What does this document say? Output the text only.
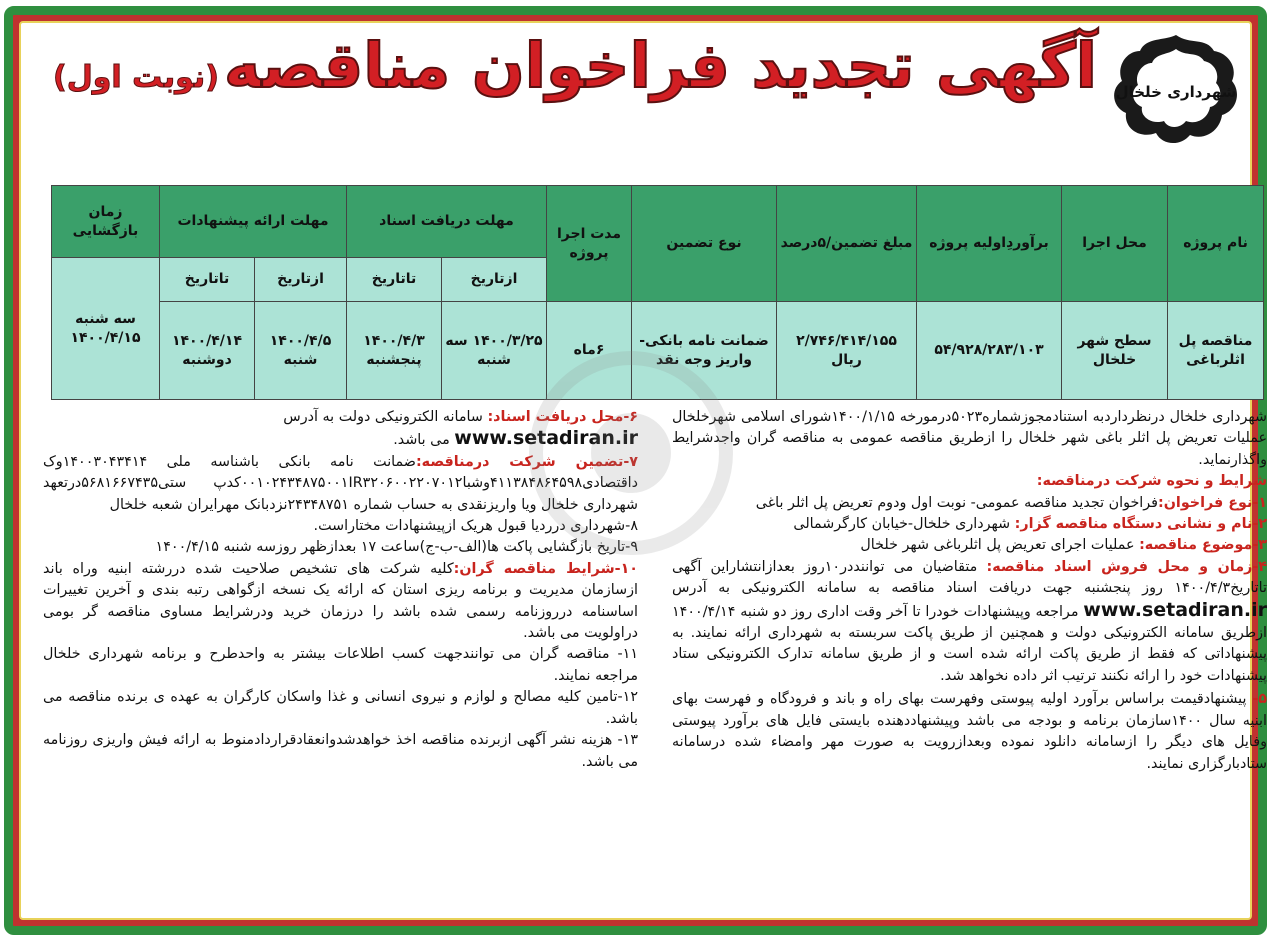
شهرداری خلخال
آگهی تجدید فراخوان مناقصه (نوبت اول)
نام پروژه	محل اجرا	برآوردِاولیه پروژه	مبلغ تضمین/۵درصد	نوع تضمین	مدت اجرا پروژه	مهلت دریافت اسناد		مهلت ارائه پیشنهادات		زمان بازگشایی
						ازتاریخ	تاتاریخ	ازتاریخ	تاتاریخ	سه شنبه ۱۴۰۰/۴/۱۵
مناقصه پل اثلرباغی	سطح شهر خلخال	۵۴/۹۲۸/۲۸۳/۱۰۳	۲/۷۴۶/۴۱۴/۱۵۵ ریال	ضمانت نامه بانکی-واریز وجه نقد	۶ماه	۱۴۰۰/۳/۲۵ سه شنبه	۱۴۰۰/۴/۳ پنجشنبه	۱۴۰۰/۴/۵ شنبه	۱۴۰۰/۴/۱۴ دوشنبه	

شهرداری خلخال درنظرداردبه استنادمجوزشماره۵۰۲۳درمورخه ۱۴۰۰/۱/۱۵شورای اسلامی شهرخلخال عملیات تعریض پل اثلر باغی شهر خلخال را ازطریق مناقصه عمومی به مناقصه گران واجدشرایط واگذارنماید.

شرایط و نحوه شرکت درمناقصه:

۱-نوع فراخوان:فراخوان تجدید مناقصه عمومی- نوبت اول ودوم تعریض پل اثلر باغی

۲-نام و نشانی دستگاه مناقصه گزار: شهرداری خلخال-خیابان کارگرشمالی

۳-موضوع مناقصه: عملیات اجرای تعریض پل اثلرباغی شهر خلخال

۴-زمان و محل فروش اسناد مناقصه: متقاضیان می توانند‌در۱۰روز بعدازانتشاراین آگهی تاتاریخ۱۴۰۰/۴/۳ روز پنجشنبه جهت دریافت اسناد مناقصه به سامانه الکترونیکی به آدرس www.setadiran.ir مراجعه وپیشنهادات خودرا تا آخر وقت اداری روز دو شنبه ۱۴۰۰/۴/۱۴ ازطریق سامانه الکترونیکی دولت و همچنین از طریق پاکت سربسته به شهرداری ارائه نمایند. به پیشنهاداتی که فقط از طریق پاکت ارائه شده است و از طریق سامانه تدارک الکترونیکی ستاد پیشنهادات خود را ارائه نکنند ترتیب اثر داده نخواهد شد.

۵- پیشنهادقیمت براساس برآورد اولیه پیوستی وفهرست بهای راه و باند و فرودگاه و فهرست بهای ابنیه سال ۱۴۰۰سازمان برنامه و بودجه می باشد وپیشنهاددهنده بایستی فایل های برآورد پیوستی وفایل های دیگر را ازسامانه دانلود نموده وبعدازرویت به صورت مهر وامضاء شده درسامانه ستادبارگزاری نمایند.

۶-محل دریافت اسناد: سامانه الکترونیکی دولت به آدرس

www.setadiran.ir می باشد.

۷-تضمین شرکت درمناقصه:ضمانت نامه بانکی باشناسه ملی ۱۴۰۰۳۰۴۳۴۱۴وک داقتصادی۴۱۱۳۸۴۸۶۴۵۹۸وشبا۰۰۱۰۲۴۳۴۸۷۵۰۰۱IR۳۲۰۶۰۰۲۲۰۷۰۱۲کدپ ستی۵۶۸۱۶۶۷۴۳۵درتعهد شهرداری خلخال ویا واریزنقدی به حساب شماره ۲۴۳۴۸۷۵۱نزدبانک مهرایران شعبه خلخال

۸-شهرداری درردیا قبول هریک ازپیشنهادات مختاراست.

۹-تاریخ بازگشایی پاکت ها(الف-ب-ج)ساعت ۱۷ بعدازظهر روزسه شنبه ۱۴۰۰/۴/۱۵

۱۰-شرایط مناقصه گران:کلیه شرکت های تشخیص صلاحیت شده دررشته ابنیه وراه باند ازسازمان مدیریت و برنامه ریزی استان که ارائه یک نسخه ازگواهی رتبه بندی و آخرین تغییرات اساسنامه درروزنامه رسمی شده باشد را درزمان خرید ودرشرایط مساوی مناقصه گر بومی دراولویت می باشد.

۱۱- مناقصه گران می توانندجهت کسب اطلاعات بیشتر به واحدطرح و برنامه شهرداری خلخال مراجعه نمایند.

۱۲-تامین کلیه مصالح و لوازم و نیروی انسانی و غذا واسکان کارگران به عهده ی برنده مناقصه می باشد.

۱۳- هزینه نشر آگهی ازبرنده مناقصه اخذ خواهدشدوانعقادقراردادمنوط به ارائه فیش واریزی روزنامه می باشد.
